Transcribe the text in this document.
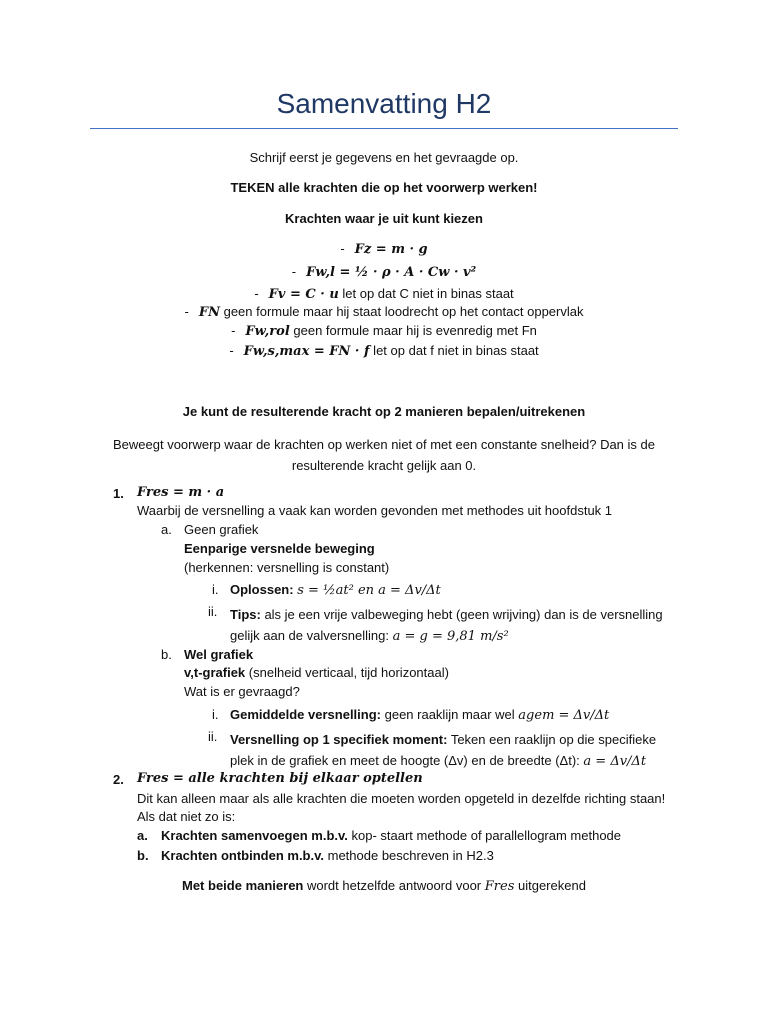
Samenvatting H2
Schrijf eerst je gegevens en het gevraagde op.
TEKEN alle krachten die op het voorwerp werken!
Krachten waar je uit kunt kiezen
- Fz = m · g
- Fw,l = ½ · ρ · A · Cw · v²
- Fv = C · u let op dat C niet in binas staat
- FN geen formule maar hij staat loodrecht op het contact oppervlak
- Fw,rol geen formule maar hij is evenredig met Fn
- Fw,s,max = FN · f let op dat f niet in binas staat
Je kunt de resulterende kracht op 2 manieren bepalen/uitrekenen
Beweegt voorwerp waar de krachten op werken niet of met een constante snelheid? Dan is de resulterende kracht gelijk aan 0.
1. Fres = m · a
Waarbij de versnelling a vaak kan worden gevonden met methodes uit hoofdstuk 1
a. Geen grafiek
Eenparige versnelde beweging
(herkennen: versnelling is constant)
i. Oplossen: s = ½at² en a = Δv/Δt
ii. Tips: als je een vrije valbeweging hebt (geen wrijving) dan is de versnelling gelijk aan de valversnelling: a = g = 9,81 m/s²
b. Wel grafiek
v,t-grafiek (snelheid verticaal, tijd horizontaal)
Wat is er gevraagd?
i. Gemiddelde versnelling: geen raaklijn maar wel agem = Δv/Δt
ii. Versnelling op 1 specifiek moment: Teken een raaklijn op die specifieke plek in de grafiek en meet de hoogte (Δv) en de breedte (Δt): a = Δv/Δt
2. Fres = alle krachten bij elkaar optellen
Dit kan alleen maar als alle krachten die moeten worden opgeteld in dezelfde richting staan!
Als dat niet zo is:
a. Krachten samenvoegen m.b.v. kop- staart methode of parallellogram methode
b. Krachten ontbinden m.b.v. methode beschreven in H2.3
Met beide manieren wordt hetzelfde antwoord voor Fres uitgerekend
